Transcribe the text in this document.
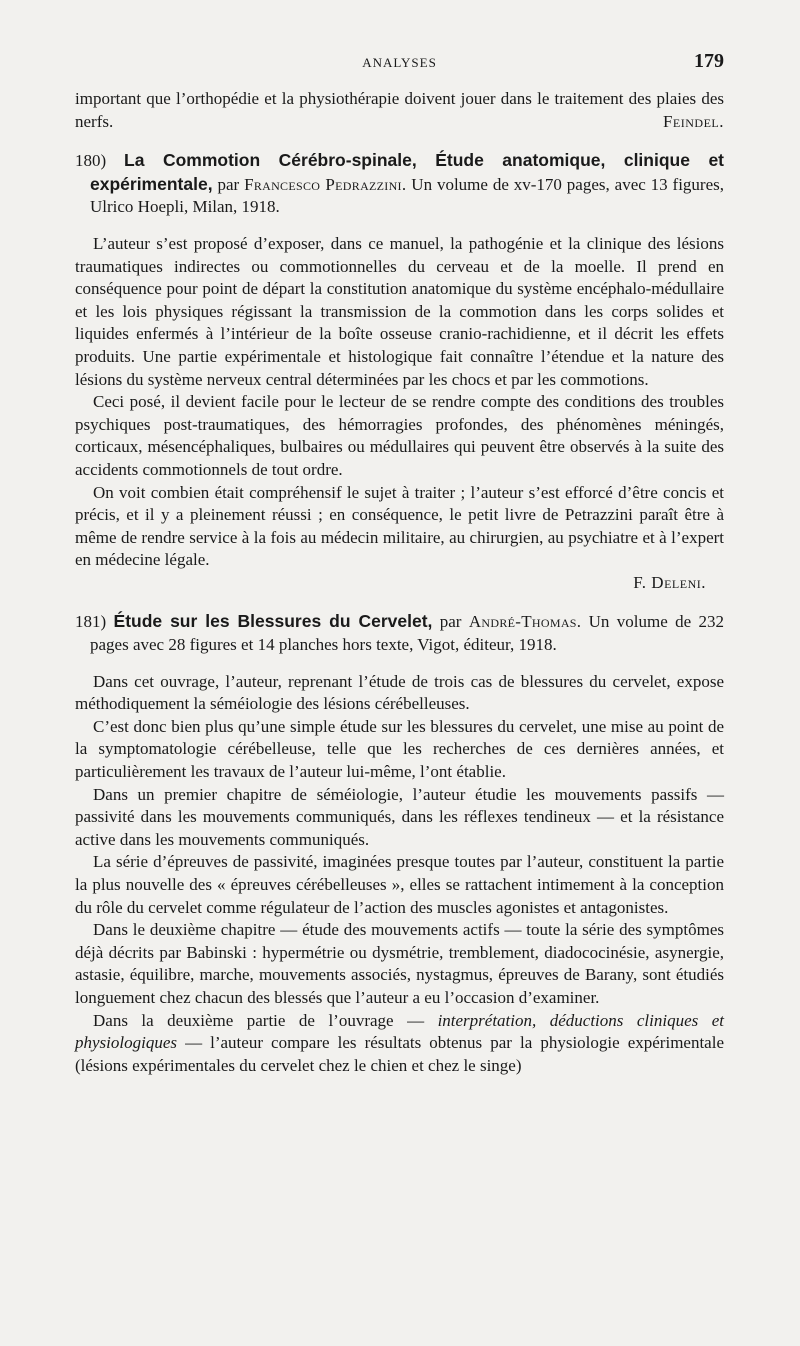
ANALYSES	179

important que l’orthopédie et la physiothérapie doivent jouer dans le traitement des plaies des nerfs.	Feindel.

180) La Commotion Cérébro-spinale, Étude anatomique, clinique et expérimentale, par Francesco Pedrazzini. Un volume de xv-170 pages, avec 13 figures, Ulrico Hoepli, Milan, 1918.

L’auteur s’est proposé d’exposer, dans ce manuel, la pathogénie et la clinique des lésions traumatiques indirectes ou commotionnelles du cerveau et de la moelle. Il prend en conséquence pour point de départ la constitution anatomique du système encéphalo-médullaire et les lois physiques régissant la transmission de la commotion dans les corps solides et liquides enfermés à l’intérieur de la boîte osseuse cranio-rachidienne, et il décrit les effets produits. Une partie expérimentale et histologique fait connaître l’étendue et la nature des lésions du système nerveux central déterminées par les chocs et par les commotions.

Ceci posé, il devient facile pour le lecteur de se rendre compte des conditions des troubles psychiques post-traumatiques, des hémorragies profondes, des phénomènes méningés, corticaux, mésencéphaliques, bulbaires ou médullaires qui peuvent être observés à la suite des accidents commotionnels de tout ordre.

On voit combien était compréhensif le sujet à traiter ; l’auteur s’est efforcé d’être concis et précis, et il y a pleinement réussi ; en conséquence, le petit livre de Petrazzini paraît être à même de rendre service à la fois au médecin militaire, au chirurgien, au psychiatre et à l’expert en médecine légale.

F. Deleni.

181) Étude sur les Blessures du Cervelet, par André-Thomas. Un volume de 232 pages avec 28 figures et 14 planches hors texte, Vigot, éditeur, 1918.

Dans cet ouvrage, l’auteur, reprenant l’étude de trois cas de blessures du cervelet, expose méthodiquement la séméiologie des lésions cérébelleuses.

C’est donc bien plus qu’une simple étude sur les blessures du cervelet, une mise au point de la symptomatologie cérébelleuse, telle que les recherches de ces dernières années, et particulièrement les travaux de l’auteur lui-même, l’ont établie.

Dans un premier chapitre de séméiologie, l’auteur étudie les mouvements passifs — passivité dans les mouvements communiqués, dans les réflexes tendineux — et la résistance active dans les mouvements communiqués.

La série d’épreuves de passivité, imaginées presque toutes par l’auteur, constituent la partie la plus nouvelle des « épreuves cérébelleuses », elles se rattachent intimement à la conception du rôle du cervelet comme régulateur de l’action des muscles agonistes et antagonistes.

Dans le deuxième chapitre — étude des mouvements actifs — toute la série des symptômes déjà décrits par Babinski : hypermétrie ou dysmétrie, tremblement, diadococinésie, asynergie, astasie, équilibre, marche, mouvements associés, nystagmus, épreuves de Barany, sont étudiés longuement chez chacun des blessés que l’auteur a eu l’occasion d’examiner.

Dans la deuxième partie de l’ouvrage — interprétation, déductions cliniques et physiologiques — l’auteur compare les résultats obtenus par la physiologie expérimentale (lésions expérimentales du cervelet chez le chien et chez le singe)
